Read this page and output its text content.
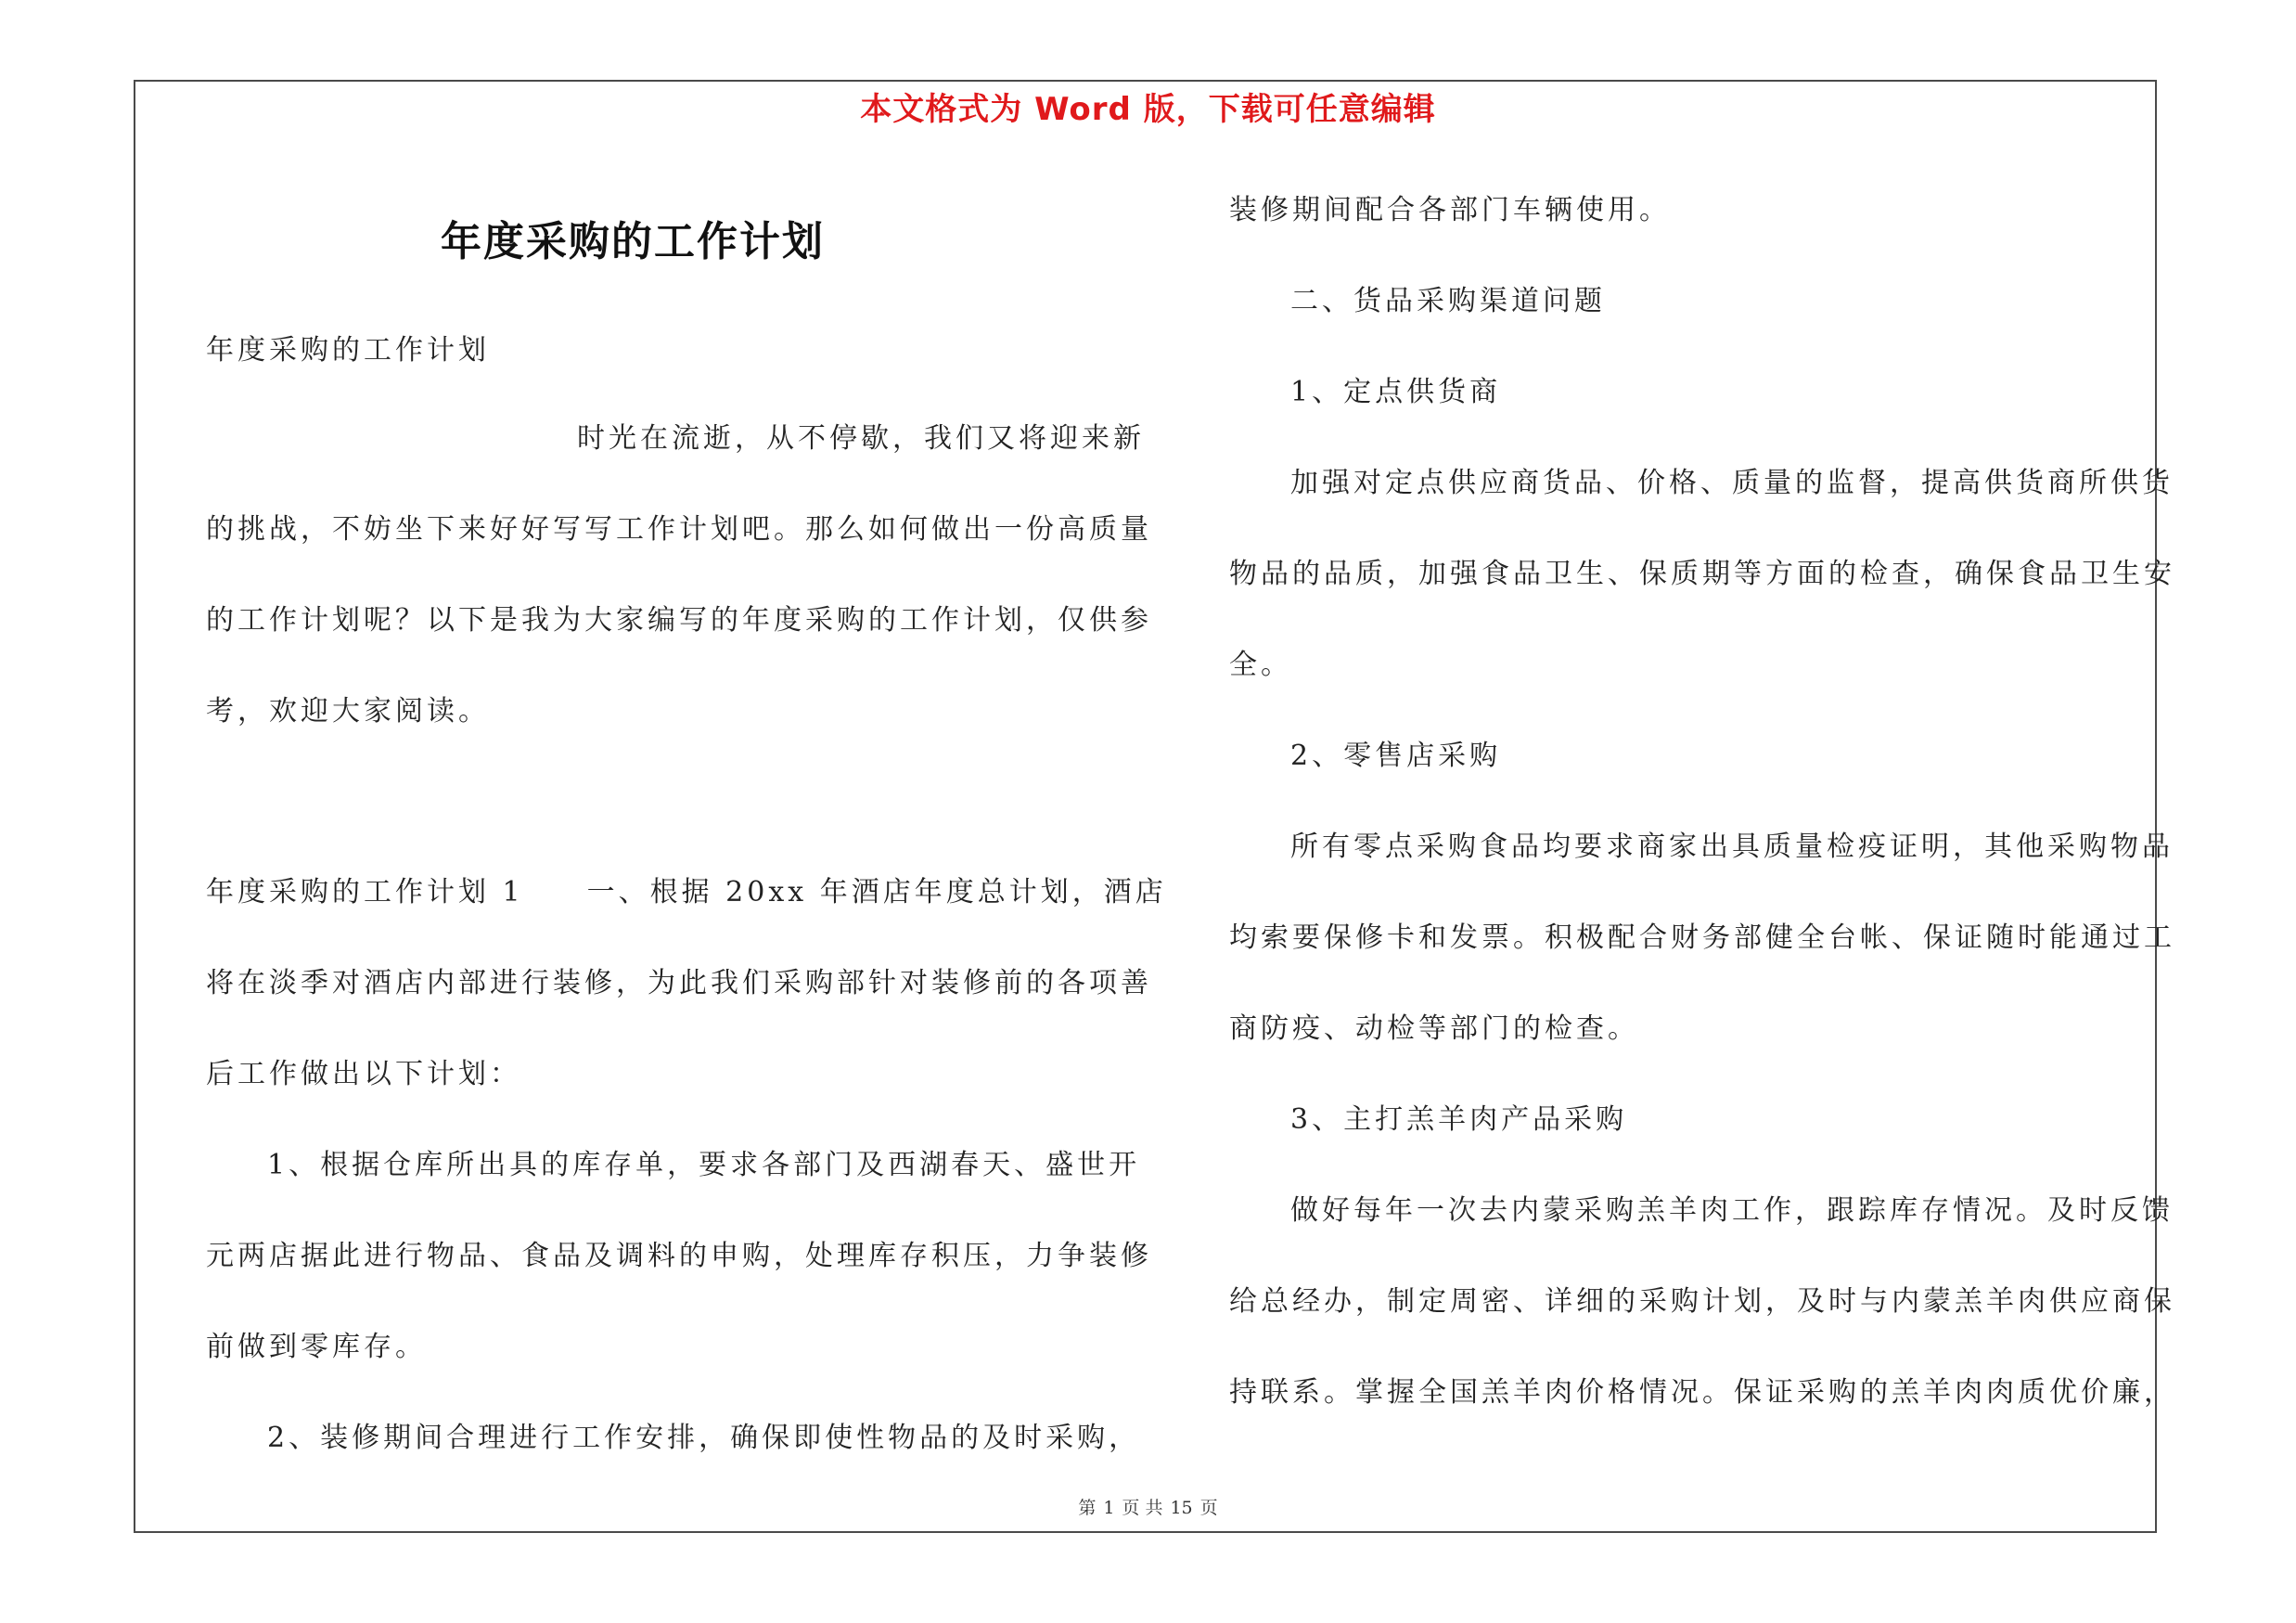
本文格式为 Word 版，下载可任意编辑
年度采购的工作计划
年度采购的工作计划
时光在流逝，从不停歇，我们又将迎来新
的挑战，不妨坐下来好好写写工作计划吧。那么如何做出一份高质量
的工作计划呢？以下是我为大家编写的年度采购的工作计划，仅供参
考，欢迎大家阅读。
年度采购的工作计划 1　　一、根据 20xx 年酒店年度总计划，酒店
将在淡季对酒店内部进行装修，为此我们采购部针对装修前的各项善
后工作做出以下计划：
1、根据仓库所出具的库存单，要求各部门及西湖春天、盛世开
元两店据此进行物品、食品及调料的申购，处理库存积压，力争装修
前做到零库存。
2、装修期间合理进行工作安排，确保即使性物品的及时采购，
装修期间配合各部门车辆使用。
二、货品采购渠道问题
1、定点供货商
加强对定点供应商货品、价格、质量的监督，提高供货商所供货
物品的品质，加强食品卫生、保质期等方面的检查，确保食品卫生安
全。
2、零售店采购
所有零点采购食品均要求商家出具质量检疫证明，其他采购物品
均索要保修卡和发票。积极配合财务部健全台帐、保证随时能通过工
商防疫、动检等部门的检查。
3、主打羔羊肉产品采购
做好每年一次去内蒙采购羔羊肉工作，跟踪库存情况。及时反馈
给总经办，制定周密、详细的采购计划，及时与内蒙羔羊肉供应商保
持联系。掌握全国羔羊肉价格情况。保证采购的羔羊肉肉质优价廉，
第 1 页 共 15 页
